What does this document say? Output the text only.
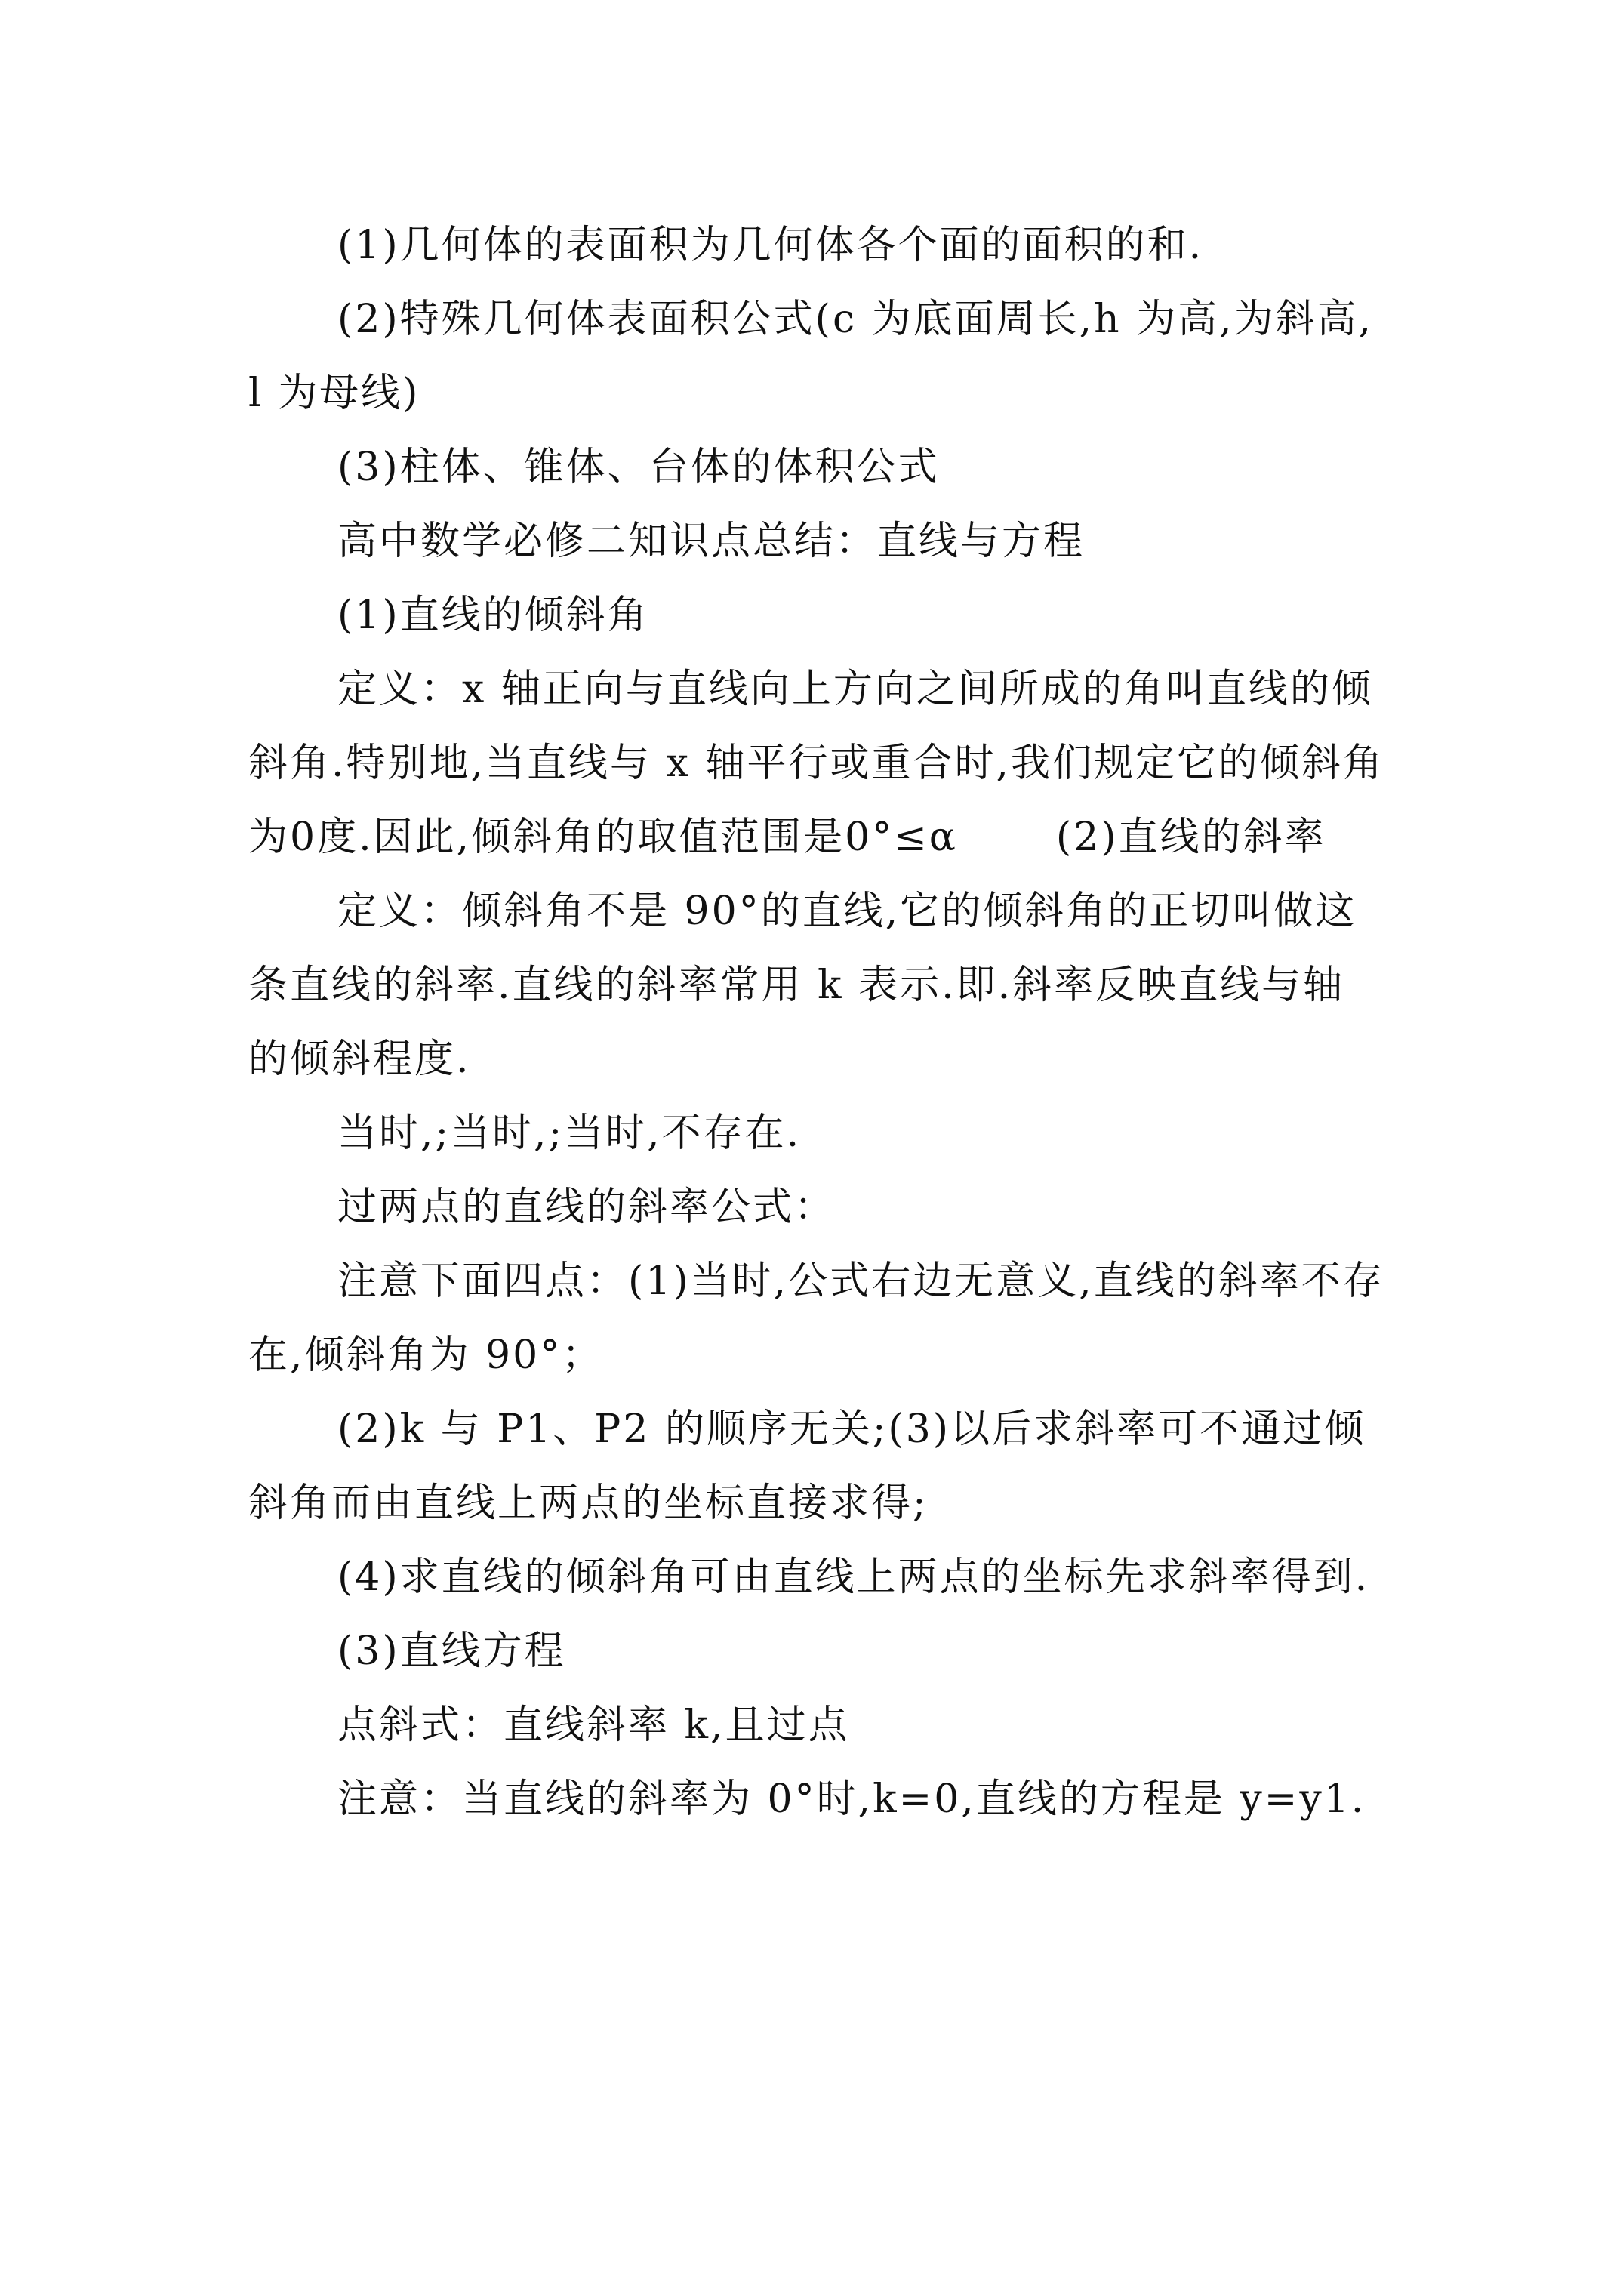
(1)几何体的表面积为几何体各个面的面积的和.

(2)特殊几何体表面积公式(c 为底面周长,h 为高,为斜高,l 为母线)

(3)柱体、锥体、台体的体积公式

高中数学必修二知识点总结：直线与方程

(1)直线的倾斜角

定义：x 轴正向与直线向上方向之间所成的角叫直线的倾斜角.特别地,当直线与 x 轴平行或重合时,我们规定它的倾斜角为0度.因此,倾斜角的取值范围是0°≤α	(2)直线的斜率

定义：倾斜角不是 90°的直线,它的倾斜角的正切叫做这条直线的斜率.直线的斜率常用 k 表示.即.斜率反映直线与轴的倾斜程度.

当时,;当时,;当时,不存在.

过两点的直线的斜率公式：

注意下面四点：(1)当时,公式右边无意义,直线的斜率不存在,倾斜角为 90°；

(2)k 与 P1、P2 的顺序无关;(3)以后求斜率可不通过倾斜角而由直线上两点的坐标直接求得;

(4)求直线的倾斜角可由直线上两点的坐标先求斜率得到.

(3)直线方程

点斜式：直线斜率 k,且过点

注意：当直线的斜率为 0°时,k=0,直线的方程是 y=y1.
